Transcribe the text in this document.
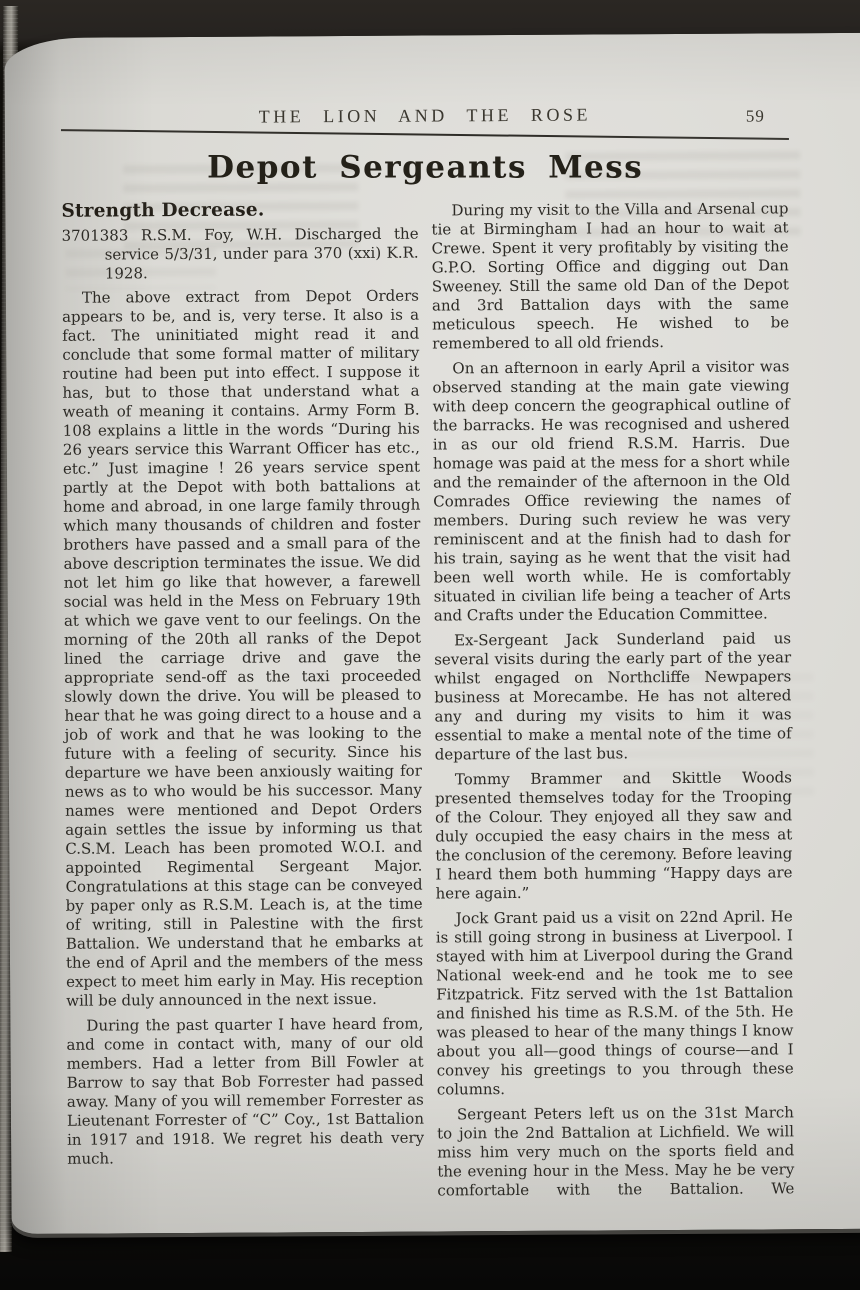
THE LION AND THE ROSE	59
Depot Sergeants Mess
Strength Decrease.

3701383 R.S.M. Foy, W.H. Discharged the service 5/3/31, under para 370 (xxi) K.R. 1928.

The above extract from Depot Orders appears to be, and is, very terse. It also is a fact. The uninitiated might read it and conclude that some formal matter of military routine had been put into effect. I suppose it has, but to those that understand what a weath of meaning it contains. Army Form B. 108 explains a little in the words “During his 26 years service this Warrant Officer has etc., etc.” Just imagine ! 26 years service spent partly at the Depot with both battalions at home and abroad, in one large family through which many thousands of children and foster brothers have passed and a small para of the above description terminates the issue. We did not let him go like that however, a farewell social was held in the Mess on February 19th at which we gave vent to our feelings. On the morning of the 20th all ranks of the Depot lined the carriage drive and gave the appropriate send-off as the taxi proceeded slowly down the drive. You will be pleased to hear that he was going direct to a house and a job of work and that he was looking to the future with a feeling of security. Since his departure we have been anxiously waiting for news as to who would be his successor. Many names were mentioned and Depot Orders again settles the issue by informing us that C.S.M. Leach has been promoted W.O.I. and appointed Regimental Sergeant Major. Congratulations at this stage can be conveyed by paper only as R.S.M. Leach is, at the time of writing, still in Palestine with the first Battalion. We understand that he embarks at the end of April and the members of the mess expect to meet him early in May. His reception will be duly announced in the next issue.

During the past quarter I have heard from, and come in contact with, many of our old members. Had a letter from Bill Fowler at Barrow to say that Bob Forrester had passed away. Many of you will remember Forrester as Lieutenant Forrester of “C” Coy., 1st Battalion in 1917 and 1918. We regret his death very much.

During my visit to the Villa and Arsenal cup tie at Birmingham I had an hour to wait at Crewe. Spent it very profitably by visiting the G.P.O. Sorting Office and digging out Dan Sweeney. Still the same old Dan of the Depot and 3rd Battalion days with the same meticulous speech. He wished to be remembered to all old friends.

On an afternoon in early April a visitor was observed standing at the main gate viewing with deep concern the geographical outline of the barracks. He was recognised and ushered in as our old friend R.S.M. Harris. Due homage was paid at the mess for a short while and the remainder of the afternoon in the Old Comrades Office reviewing the names of members. During such review he was very reminiscent and at the finish had to dash for his train, saying as he went that the visit had been well worth while. He is comfortably situated in civilian life being a teacher of Arts and Crafts under the Education Committee.

Ex-Sergeant Jack Sunderland paid us several visits during the early part of the year whilst engaged on Northcliffe Newpapers business at Morecambe. He has not altered any and during my visits to him it was essential to make a mental note of the time of departure of the last bus.

Tommy Brammer and Skittle Woods presented themselves today for the Trooping of the Colour. They enjoyed all they saw and duly occupied the easy chairs in the mess at the conclusion of the ceremony. Before leaving I heard them both humming “Happy days are here again.”

Jock Grant paid us a visit on 22nd April. He is still going strong in business at Liverpool. I stayed with him at Liverpool during the Grand National week-end and he took me to see Fitzpatrick. Fitz served with the 1st Battalion and finished his time as R.S.M. of the 5th. He was pleased to hear of the many things I know about you all—good things of course—and I convey his greetings to you through these columns.

Sergeant Peters left us on the 31st March to join the 2nd Battalion at Lichfield. We will miss him very much on the sports field and the evening hour in the Mess. May he be very comfortable with the Battalion. We
